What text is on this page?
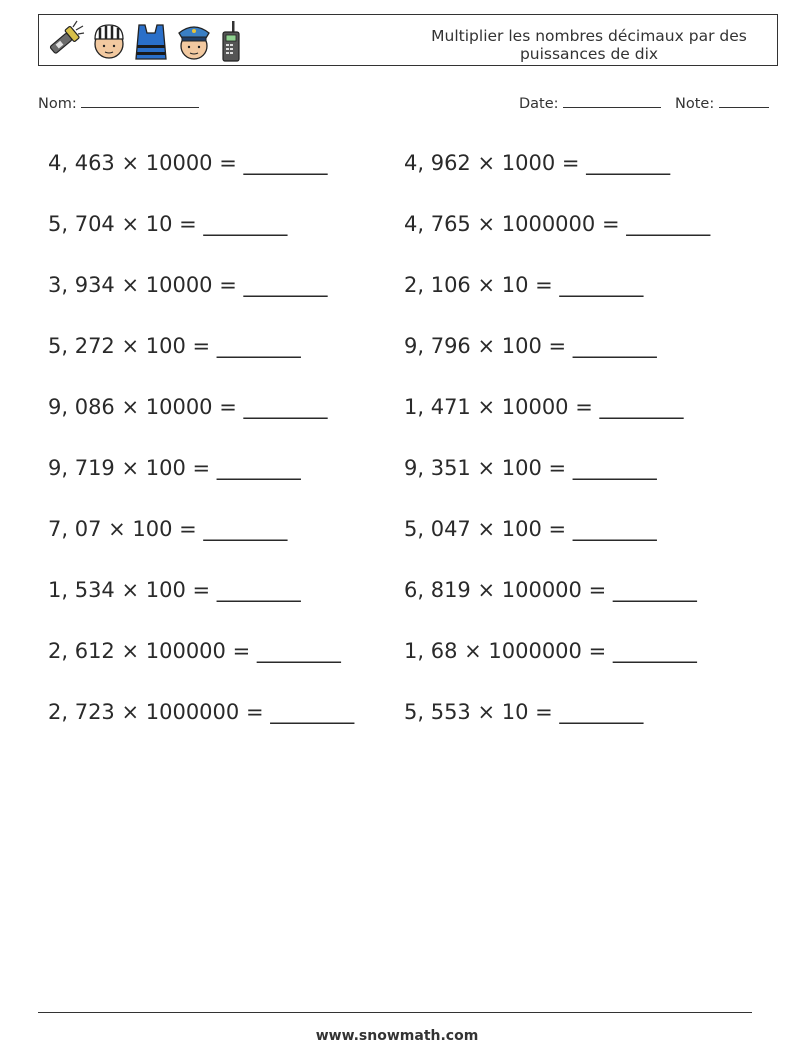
Multiplier les nombres décimaux par des puissances de dix
Nom:	Date:	Note:
4, 463 × 10000 = ________
5, 704 × 10 = ________
3, 934 × 10000 = ________
5, 272 × 100 = ________
9, 086 × 10000 = ________
9, 719 × 100 = ________
7, 07 × 100 = ________
1, 534 × 100 = ________
2, 612 × 100000 = ________
2, 723 × 1000000 = ________
4, 962 × 1000 = ________
4, 765 × 1000000 = ________
2, 106 × 10 = ________
9, 796 × 100 = ________
1, 471 × 10000 = ________
9, 351 × 100 = ________
5, 047 × 100 = ________
6, 819 × 100000 = ________
1, 68 × 1000000 = ________
5, 553 × 10 = ________
www.snowmath.com
